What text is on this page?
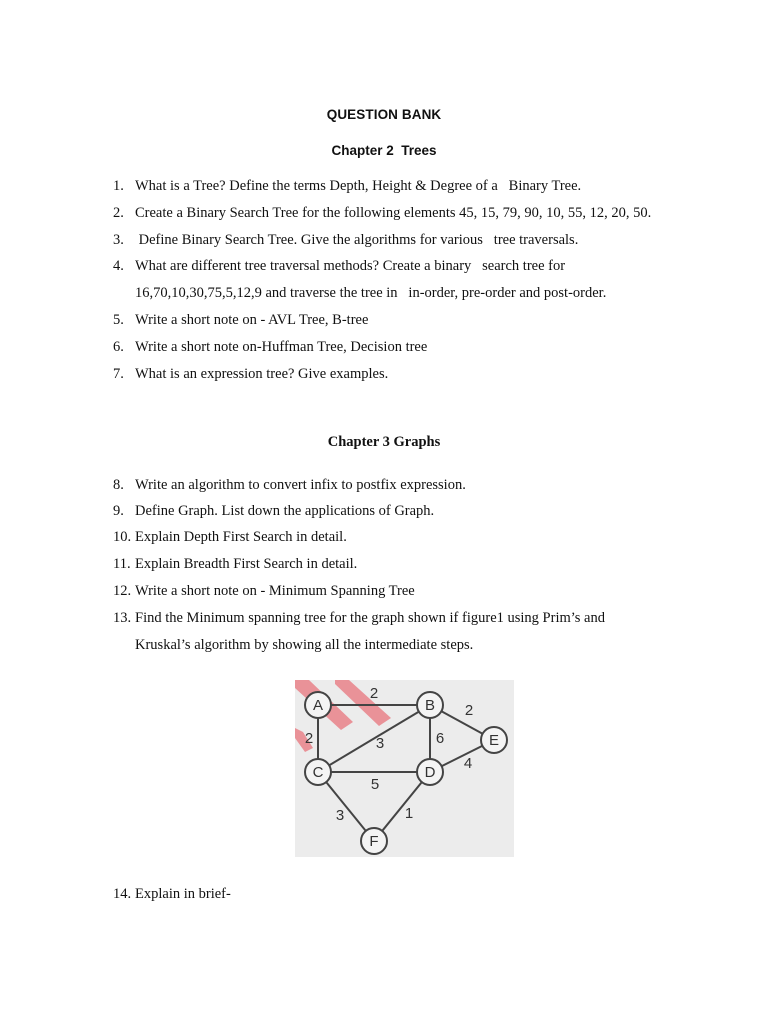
QUESTION BANK
Chapter 2  Trees
1. What is a Tree? Define the terms Depth, Height & Degree of a   Binary Tree.
2. Create a Binary Search Tree for the following elements 45, 15, 79, 90, 10, 55, 12, 20, 50.
3. Define Binary Search Tree. Give the algorithms for various   tree traversals.
4. What are different tree traversal methods? Create a binary   search tree for
16,70,10,30,75,5,12,9 and traverse the tree in   in-order, pre-order and post-order.
5. Write a short note on - AVL Tree, B-tree
6. Write a short note on-Huffman Tree, Decision tree
7. What is an expression tree? Give examples.
Chapter 3 Graphs
8. Write an algorithm to convert infix to postfix expression.
9. Define Graph. List down the applications of Graph.
10. Explain Depth First Search in detail.
11. Explain Breadth First Search in detail.
12. Write a short note on - Minimum Spanning Tree
13. Find the Minimum spanning tree for the graph shown if figure1 using Prim’s and
Kruskal’s algorithm by showing all the intermediate steps.
2
2	3	6
2
4
5
3	1
A	B
C	D
E
F
14. Explain in brief-
